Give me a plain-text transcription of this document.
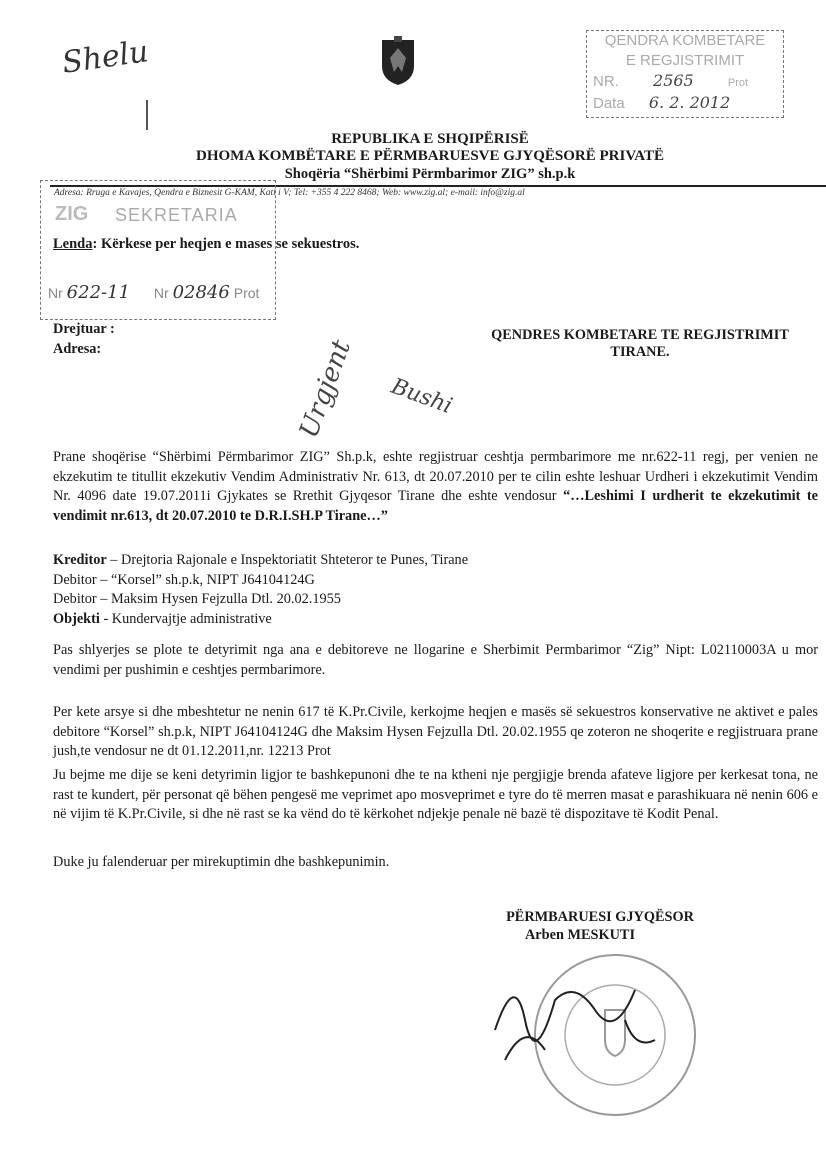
Shelu	QENDRA KOMBETARE
E REGJISTRIMIT
NR. 2565	Prot
Data 6. 2. 2012
REPUBLIKA E SHQIPËRISË
DHOMA KOMBËTARE E PËRMBARUESVE GJYQËSORË PRIVATË
Shoqëria “Shërbimi Përmbarimor ZIG” sh.p.k
Adresa: Rruga e Kavajes, Qendra e Biznesit G-KAM, Kati i V; Tel: +355 4 222 8468; Web: www.zig.al; e-mail: info@zig.al
ZIG SEKRETARIA
Lenda: Kërkese per heqjen e mases se sekuestros.
Nr 622-11 Nr 02846 Prot
Drejtuar :
Adresa:
QENDRES KOMBETARE TE REGJISTRIMIT
TIRANE.
Urgjent Bushi
Prane shoqërise “Shërbimi Përmbarimor ZIG” Sh.p.k, eshte regjistruar ceshtja permbarimore me nr.622-11 regj, per venien ne ekzekutim te titullit ekzekutiv Vendim Administrativ Nr. 613, dt 20.07.2010 per te cilin eshte leshuar Urdheri i ekzekutimit Vendim Nr. 4096 date 19.07.2011i Gjykates se Rrethit Gjyqesor Tirane dhe eshte vendosur “…Leshimi I urdherit te ekzekutimit te vendimit nr.613, dt 20.07.2010 te D.R.I.SH.P Tirane…”
Kreditor – Drejtoria Rajonale e Inspektoriatit Shteteror te Punes, Tirane
Debitor – “Korsel” sh.p.k, NIPT J64104124G
Debitor – Maksim Hysen Fejzulla Dtl. 20.02.1955
Objekti - Kundervajtje administrative
Pas shlyerjes se plote te detyrimit nga ana e debitoreve ne llogarine e Sherbimit Permbarimor “Zig” Nipt: L02110003A u mor vendimi per pushimin e ceshtjes permbarimore.
Per kete arsye si dhe mbeshtetur ne nenin 617 të K.Pr.Civile, kerkojme heqjen e masës së sekuestros konservative ne aktivet e pales debitore “Korsel” sh.p.k, NIPT J64104124G dhe Maksim Hysen Fejzulla Dtl. 20.02.1955 qe zoteron ne shoqerite e regjistruara prane jush,te vendosur ne dt 01.12.2011,nr. 12213 Prot
Ju bejme me dije se keni detyrimin ligjor te bashkepunoni dhe te na ktheni nje pergjigje brenda afateve ligjore per kerkesat tona, ne rast te kundert, për personat që bëhen pengesë me veprimet apo mosveprimet e tyre do të merren masat e parashikuara në nenin 606 e në vijim të K.Pr.Civile, si dhe në rast se ka vënd do të kërkohet ndjekje penale në bazë të dispozitave të Kodit Penal.
Duke ju falenderuar per mirekuptimin dhe bashkepunimin.
PËRMBARUESI GJYQËSOR
Arben MESKUTI
